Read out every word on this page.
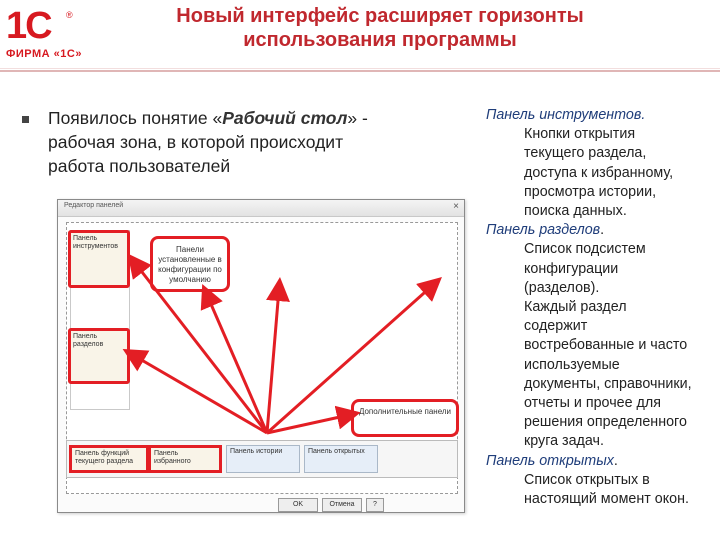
1С ®
ФИРМА «1С»
Новый интерфейс расширяет горизонты
использования программы
Появилось понятие «Рабочий стол» -
рабочая зона, в которой происходит
работа пользователей
Редактор панелей	×
Панель инструментов
Панель разделов
Панели установленные в конфигурации по умолчанию
Дополнительные панели
Панель функций текущего раздела
Панель избранного
Панель истории	Панель открытых
OK	Отмена	?
Панель инструментов.
Кнопки открытия
текущего раздела,
доступа к избранному,
просмотра истории,
поиска данных.
Панель разделов.
Список подсистем
конфигурации
(разделов).
Каждый раздел
содержит
востребованные и часто
используемые
документы, справочники,
отчеты и прочее для
решения определенного
круга задач.
Панель открытых.
Список открытых в
настоящий момент окон.
